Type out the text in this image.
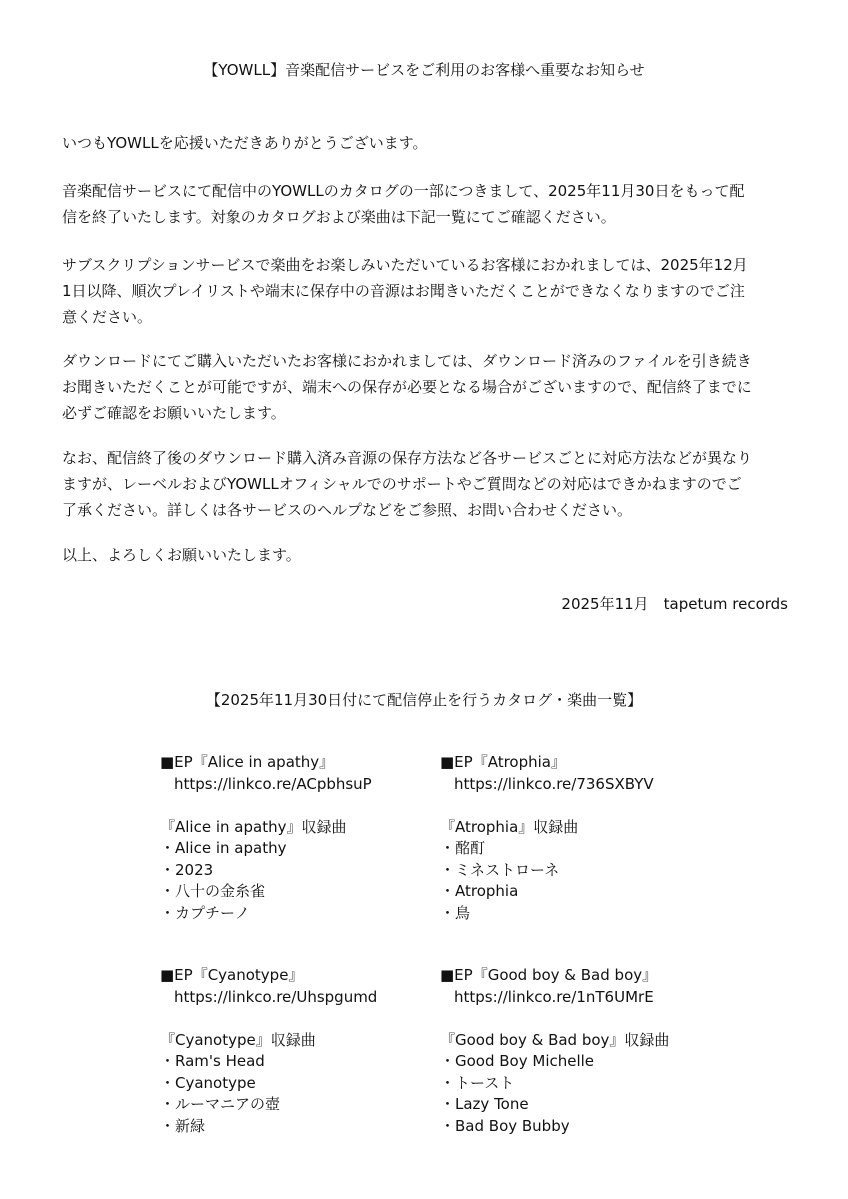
【YOWLL】音楽配信サービスをご利用のお客様へ重要なお知らせ

いつもYOWLLを応援いただきありがとうございます。

音楽配信サービスにて配信中のYOWLLのカタログの一部につきまして、2025年11月30日をもって配
信を終了いたします。対象のカタログおよび楽曲は下記一覧にてご確認ください。

サブスクリプションサービスで楽曲をお楽しみいただいているお客様におかれましては、2025年12月
1日以降、順次プレイリストや端末に保存中の音源はお聞きいただくことができなくなりますのでご注
意ください。

ダウンロードにてご購入いただいたお客様におかれましては、ダウンロード済みのファイルを引き続き
お聞きいただくことが可能ですが、端末への保存が必要となる場合がございますので、配信終了までに
必ずご確認をお願いいたします。

なお、配信終了後のダウンロード購入済み音源の保存方法など各サービスごとに対応方法などが異なり
ますが、レーベルおよびYOWLLオフィシャルでのサポートやご質問などの対応はできかねますのでご
了承ください。詳しくは各サービスのヘルプなどをご参照、お問い合わせください。

以上、よろしくお願いいたします。

2025年11月　tapetum records
【2025年11月30日付にて配信停止を行うカタログ・楽曲一覧】
■EP『Alice in apathy』
https://linkco.re/ACpbhsuP
『Alice in apathy』収録曲
・Alice in apathy
・2023
・八十の金糸雀
・カプチーノ
■EP『Atrophia』
https://linkco.re/736SXBYV
『Atrophia』収録曲
・酩酊
・ミネストローネ
・Atrophia
・鳥
■EP『Cyanotype』
https://linkco.re/Uhspgumd
『Cyanotype』収録曲
・Ram's Head
・Cyanotype
・ルーマニアの壺
・新緑
■EP『Good boy & Bad boy』
https://linkco.re/1nT6UMrE
『Good boy & Bad boy』収録曲
・Good Boy Michelle
・トースト
・Lazy Tone
・Bad Boy Bubby
